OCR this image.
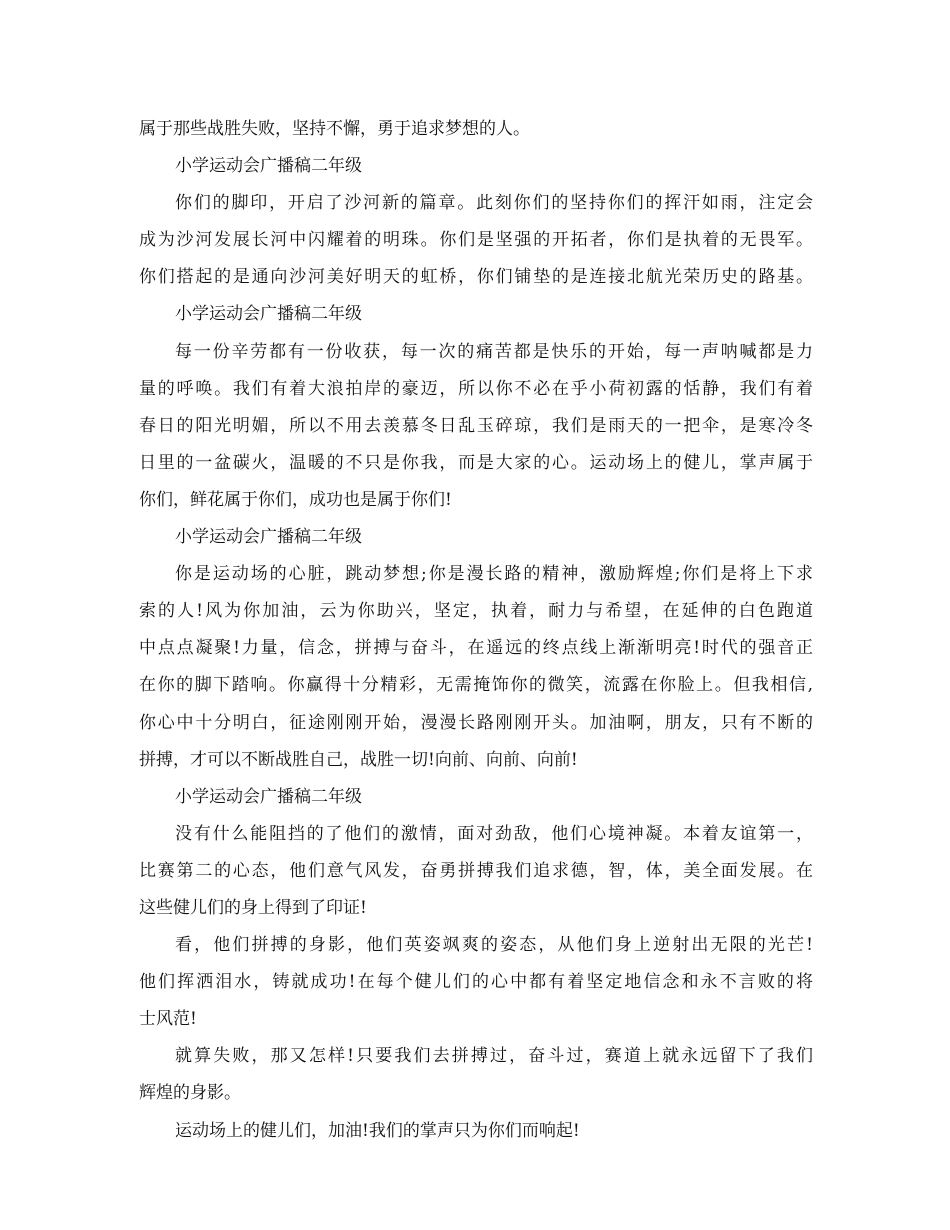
属于那些战胜失败，坚持不懈，勇于追求梦想的人。
小学运动会广播稿二年级
你们的脚印，开启了沙河新的篇章。此刻你们的坚持你们的挥汗如雨，注定会
成为沙河发展长河中闪耀着的明珠。你们是坚强的开拓者，你们是执着的无畏军。
你们搭起的是通向沙河美好明天的虹桥，你们铺垫的是连接北航光荣历史的路基。
小学运动会广播稿二年级
每一份辛劳都有一份收获，每一次的痛苦都是快乐的开始，每一声呐喊都是力
量的呼唤。我们有着大浪拍岸的豪迈，所以你不必在乎小荷初露的恬静，我们有着
春日的阳光明媚，所以不用去羡慕冬日乱玉碎琼，我们是雨天的一把伞，是寒冷冬
日里的一盆碳火，温暖的不只是你我，而是大家的心。运动场上的健儿，掌声属于
你们，鲜花属于你们，成功也是属于你们!
小学运动会广播稿二年级
你是运动场的心脏，跳动梦想;你是漫长路的精神，激励辉煌;你们是将上下求
索的人!风为你加油，云为你助兴，坚定，执着，耐力与希望，在延伸的白色跑道
中点点凝聚!力量，信念，拼搏与奋斗，在遥远的终点线上渐渐明亮!时代的强音正
在你的脚下踏响。你赢得十分精彩，无需掩饰你的微笑，流露在你脸上。但我相信,
你心中十分明白，征途刚刚开始，漫漫长路刚刚开头。加油啊，朋友，只有不断的
拼搏，才可以不断战胜自己，战胜一切!向前、向前、向前!
小学运动会广播稿二年级
没有什么能阻挡的了他们的激情，面对劲敌，他们心境神凝。本着友谊第一，
比赛第二的心态，他们意气风发，奋勇拼搏我们追求德，智，体，美全面发展。在
这些健儿们的身上得到了印证!
看，他们拼搏的身影，他们英姿飒爽的姿态，从他们身上逆射出无限的光芒!
他们挥洒泪水，铸就成功!在每个健儿们的心中都有着坚定地信念和永不言败的将
士风范!
就算失败，那又怎样!只要我们去拼搏过，奋斗过，赛道上就永远留下了我们
辉煌的身影。
运动场上的健儿们，加油!我们的掌声只为你们而响起!
